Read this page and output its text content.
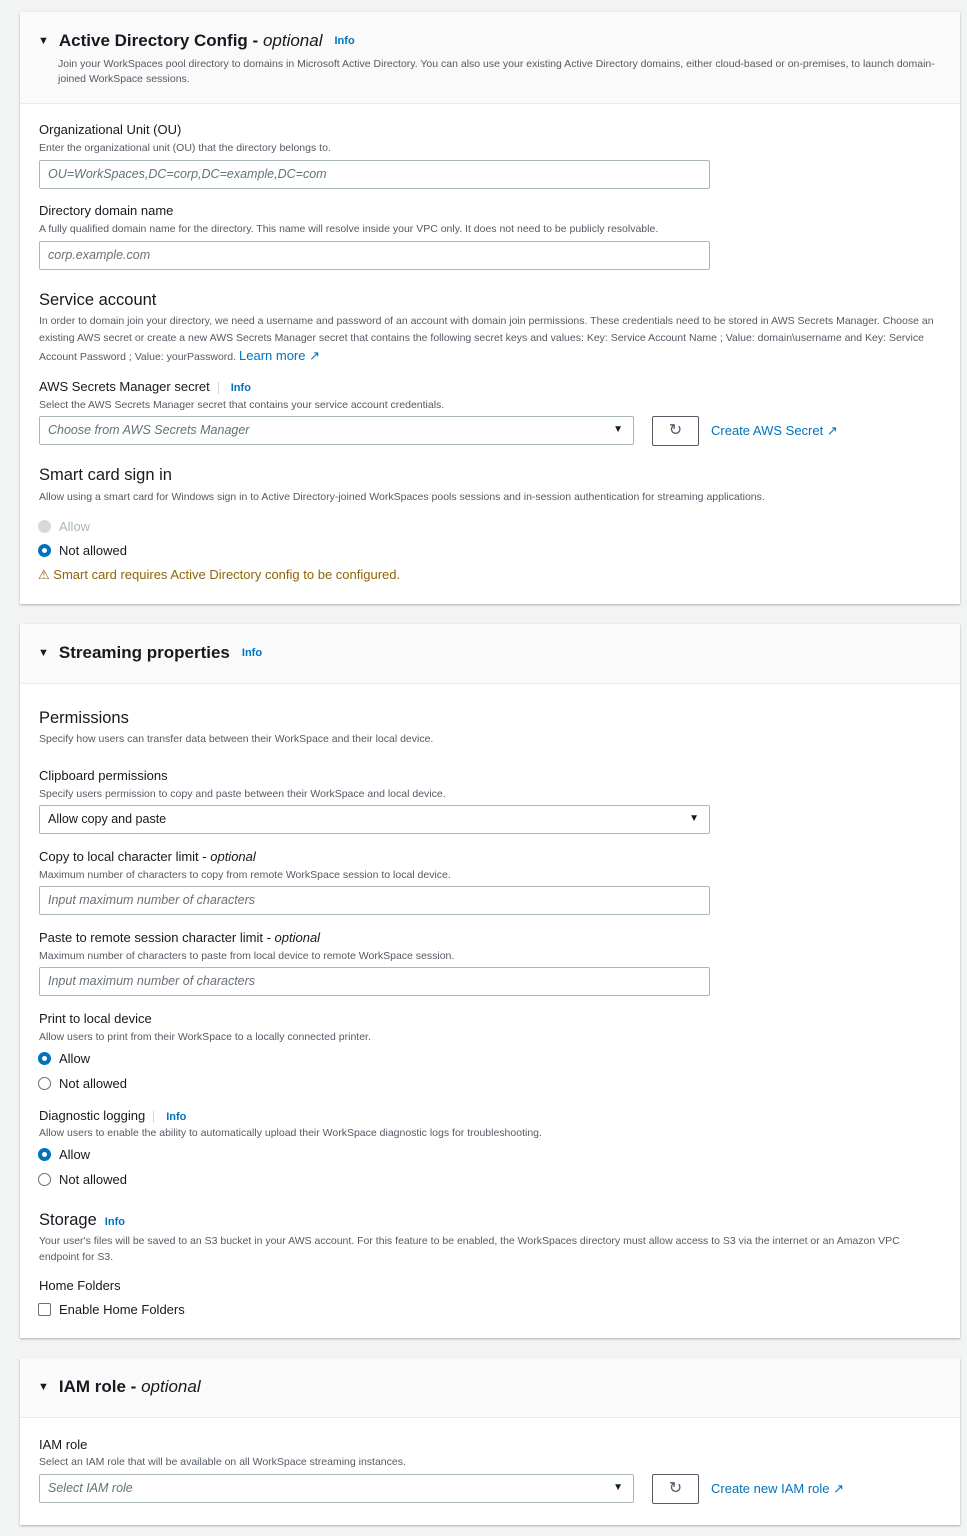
▼ Active Directory Config - optional Info
Join your WorkSpaces pool directory to domains in Microsoft Active Directory. You can also use your existing Active Directory domains, either cloud-based or on-premises, to launch domain-joined WorkSpace sessions.
Organizational Unit (OU)
Enter the organizational unit (OU) that the directory belongs to.
OU=WorkSpaces,DC=corp,DC=example,DC=com
Directory domain name
A fully qualified domain name for the directory. This name will resolve inside your VPC only. It does not need to be publicly resolvable.
corp.example.com
Service account
In order to domain join your directory, we need a username and password of an account with domain join permissions. These credentials need to be stored in AWS Secrets Manager. Choose an existing AWS secret or create a new AWS Secrets Manager secret that contains the following secret keys and values: Key: Service Account Name ; Value: domain\username and Key: Service Account Password ; Value: yourPassword. Learn more ↗
AWS Secrets Manager secret Info
Select the AWS Secrets Manager secret that contains your service account credentials.
Choose from AWS Secrets Manager	▼	↻	Create AWS Secret ↗
Smart card sign in
Allow using a smart card for Windows sign in to Active Directory-joined WorkSpaces pools sessions and in-session authentication for streaming applications.
Allow
Not allowed
⚠ Smart card requires Active Directory config to be configured.
▼ Streaming properties Info
Permissions
Specify how users can transfer data between their WorkSpace and their local device.
Clipboard permissions
Specify users permission to copy and paste between their WorkSpace and local device.
Allow copy and paste	▼
Copy to local character limit - optional
Maximum number of characters to copy from remote WorkSpace session to local device.
Input maximum number of characters
Paste to remote session character limit - optional
Maximum number of characters to paste from local device to remote WorkSpace session.
Input maximum number of characters
Print to local device
Allow users to print from their WorkSpace to a locally connected printer.
Allow
Not allowed
Diagnostic logging Info
Allow users to enable the ability to automatically upload their WorkSpace diagnostic logs for troubleshooting.
Allow
Not allowed
Storage Info
Your user's files will be saved to an S3 bucket in your AWS account. For this feature to be enabled, the WorkSpaces directory must allow access to S3 via the internet or an Amazon VPC endpoint for S3.
Home Folders
Enable Home Folders
▼ IAM role - optional
IAM role
Select an IAM role that will be available on all WorkSpace streaming instances.
Select IAM role	▼	↻	Create new IAM role ↗
